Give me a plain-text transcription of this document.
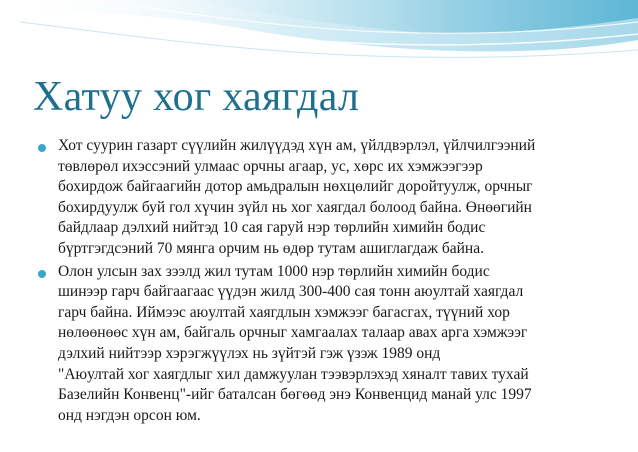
Хатуу хог хаягдал
Хот суурин газарт сүүлийн жилүүдэд хүн ам, үйлдвэрлэл, үйлчилгээний
төвлөрөл ихэссэний улмаас орчны агаар, ус, хөрс их хэмжээгээр
бохирдож байгаагийн дотор амьдралын нөхцөлийг доройтуулж, орчныг
бохирдуулж буй гол хүчин зүйл нь хог хаягдал болоод байна. Өнөөгийн
байдлаар дэлхий нийтэд 10 сая гаруй нэр төрлийн химийн бодис
бүртгэгдсэний 70 мянга орчим нь өдөр тутам ашиглагдаж байна.
Олон улсын зах зээлд жил тутам 1000 нэр төрлийн химийн бодис
шинээр гарч байгаагаас үүдэн жилд 300-400 сая тонн аюултай хаягдал
гарч байна. Иймээс аюултай хаягдлын хэмжээг багасгах, түүний хор
нөлөөнөөс хүн ам, байгаль орчныг хамгаалах талаар авах арга хэмжээг
дэлхий нийтээр хэрэгжүүлэх нь зүйтэй гэж үзэж 1989 онд
"Аюултай хог хаягдлыг хил дамжуулан тээвэрлэхэд хяналт тавих тухай
Базелийн Конвенц"-ийг баталсан бөгөөд энэ Конвенцид манай улс 1997
онд нэгдэн орсон юм.
